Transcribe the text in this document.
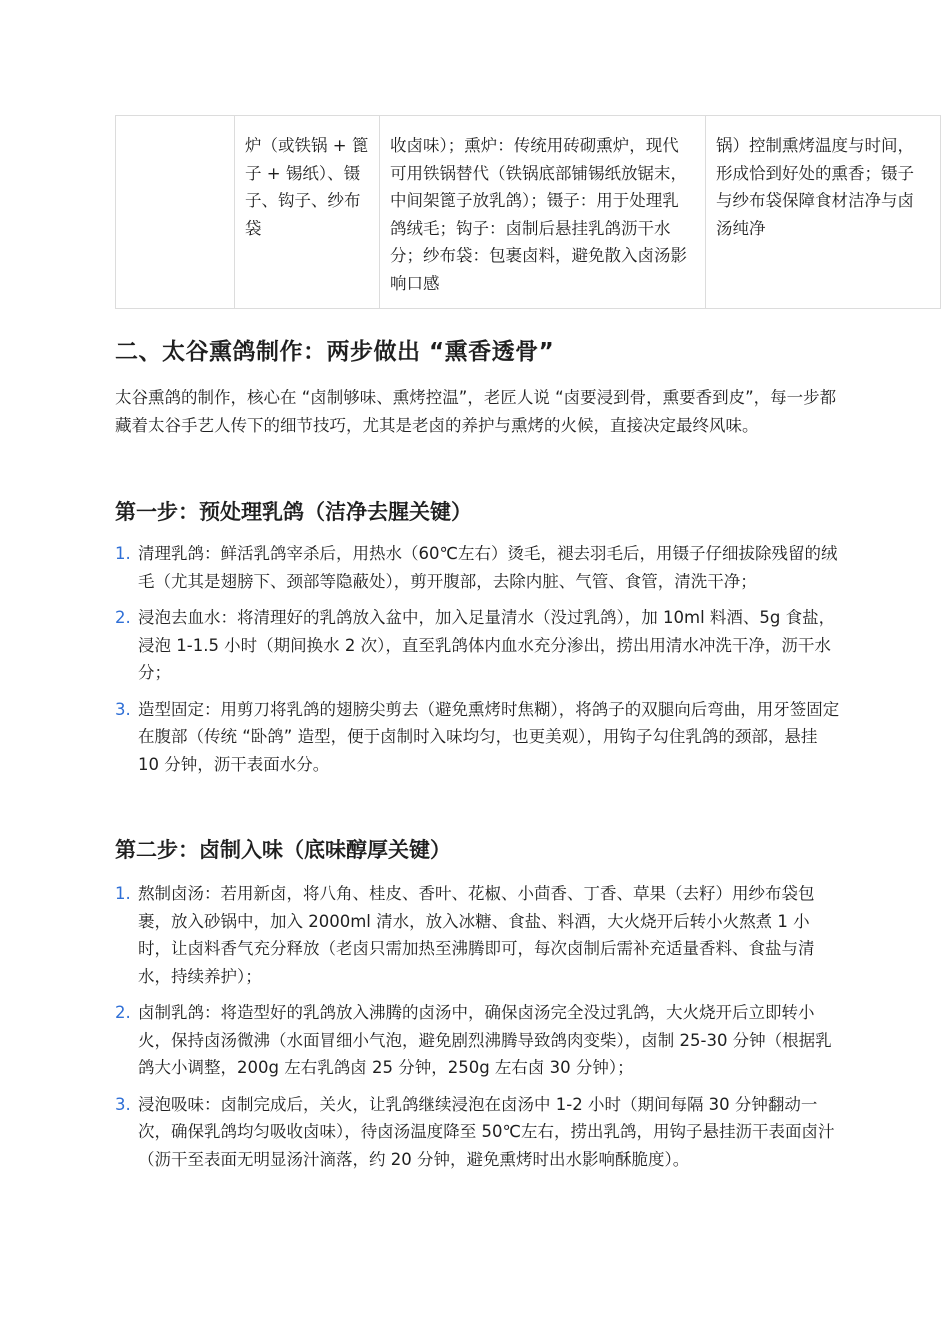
	炉（或铁锅 + 篦子 + 锡纸）、镊子、钩子、纱布袋	收卤味）；熏炉：传统用砖砌熏炉，现代可用铁锅替代（铁锅底部铺锡纸放锯末，中间架篦子放乳鸽）；镊子：用于处理乳鸽绒毛；钩子：卤制后悬挂乳鸽沥干水分；纱布袋：包裹卤料，避免散入卤汤影响口感	锅）控制熏烤温度与时间，形成恰到好处的熏香；镊子与纱布袋保障食材洁净与卤汤纯净
二、太谷熏鸽制作：两步做出 “熏香透骨”

太谷熏鸽的制作，核心在 “卤制够味、熏烤控温”，老匠人说 “卤要浸到骨，熏要香到皮”，每一步都藏着太谷手艺人传下的细节技巧，尤其是老卤的养护与熏烤的火候，直接决定最终风味。

第一步：预处理乳鸽（洁净去腥关键）
1. 清理乳鸽：鲜活乳鸽宰杀后，用热水（60℃左右）烫毛，褪去羽毛后，用镊子仔细拔除残留的绒毛（尤其是翅膀下、颈部等隐蔽处），剪开腹部，去除内脏、气管、食管，清洗干净；
2. 浸泡去血水：将清理好的乳鸽放入盆中，加入足量清水（没过乳鸽），加 10ml 料酒、5g 食盐，浸泡 1-1.5 小时（期间换水 2 次），直至乳鸽体内血水充分渗出，捞出用清水冲洗干净，沥干水分；
3. 造型固定：用剪刀将乳鸽的翅膀尖剪去（避免熏烤时焦糊），将鸽子的双腿向后弯曲，用牙签固定在腹部（传统 “卧鸽” 造型，便于卤制时入味均匀，也更美观），用钩子勾住乳鸽的颈部，悬挂 10 分钟，沥干表面水分。
第二步：卤制入味（底味醇厚关键）
1. 熬制卤汤：若用新卤，将八角、桂皮、香叶、花椒、小茴香、丁香、草果（去籽）用纱布袋包裹，放入砂锅中，加入 2000ml 清水，放入冰糖、食盐、料酒，大火烧开后转小火熬煮 1 小时，让卤料香气充分释放（老卤只需加热至沸腾即可，每次卤制后需补充适量香料、食盐与清水，持续养护）；
2. 卤制乳鸽：将造型好的乳鸽放入沸腾的卤汤中，确保卤汤完全没过乳鸽，大火烧开后立即转小火，保持卤汤微沸（水面冒细小气泡，避免剧烈沸腾导致鸽肉变柴），卤制 25-30 分钟（根据乳鸽大小调整，200g 左右乳鸽卤 25 分钟，250g 左右卤 30 分钟）；
3. 浸泡吸味：卤制完成后，关火，让乳鸽继续浸泡在卤汤中 1-2 小时（期间每隔 30 分钟翻动一次，确保乳鸽均匀吸收卤味），待卤汤温度降至 50℃左右，捞出乳鸽，用钩子悬挂沥干表面卤汁（沥干至表面无明显汤汁滴落，约 20 分钟，避免熏烤时出水影响酥脆度）。
